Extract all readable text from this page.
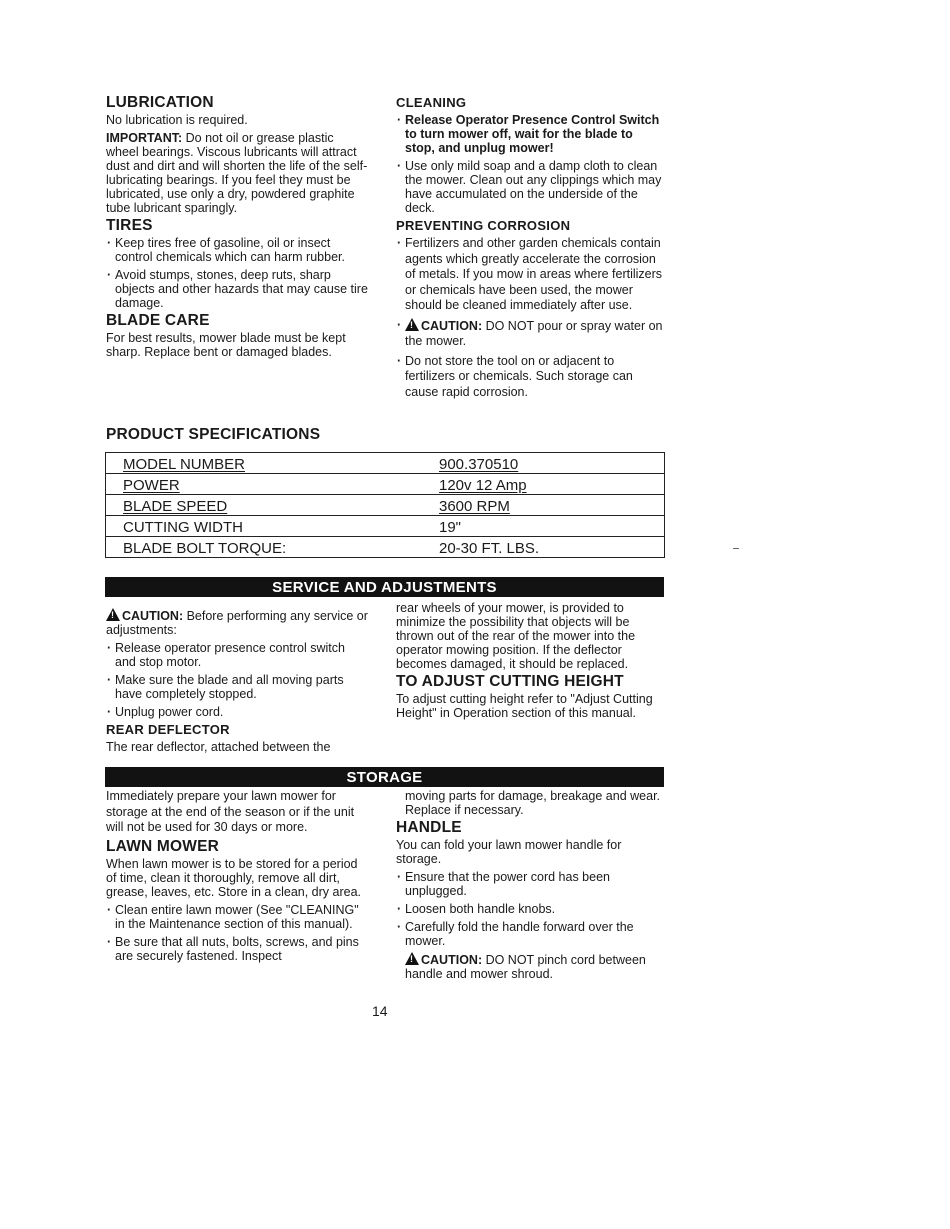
LUBRICATION
No lubrication is required.
IMPORTANT: Do not oil or grease plastic wheel bearings. Viscous lubricants will attract dust and dirt and will shorten the life of the self-lubricating bearings. If you feel they must be lubricated, use only a dry, powdered graphite tube lubricant sparingly.
TIRES
· Keep tires free of gasoline, oil or insect control chemicals which can harm rubber.
· Avoid stumps, stones, deep ruts, sharp objects and other hazards that may cause tire damage.
BLADE CARE
For best results, mower blade must be kept sharp. Replace bent or damaged blades.
CLEANING
· Release Operator Presence Control Switch to turn mower off, wait for the blade to stop, and unplug mower!
· Use only mild soap and a damp cloth to clean the mower. Clean out any clippings which may have accumulated on the underside of the deck.
PREVENTING CORROSION
· Fertilizers and other garden chemicals contain agents which greatly accelerate the corrosion of metals. If you mow in areas where fertilizers or chemicals have been used, the mower should be cleaned immediately after use.
!· CAUTION: DO NOT pour or spray water on the mower.
· Do not store the tool on or adjacent to fertilizers or chemicals. Such storage can cause rapid corrosion.
PRODUCT SPECIFICATIONS
MODEL NUMBER	900.370510
POWER	120v 12 Amp
BLADE SPEED	3600 RPM
CUTTING WIDTH	19"
BLADE BOLT TORQUE:	20-30 FT. LBS.
SERVICE AND ADJUSTMENTS
!CAUTION: Before performing any service or adjustments:
· Release operator presence control switch and stop motor.
· Make sure the blade and all moving parts have completely stopped.
· Unplug power cord.
REAR DEFLECTOR
The rear deflector, attached between the
rear wheels of your mower, is provided to minimize the possibility that objects will be thrown out of the rear of the mower into the operator mowing position. If the deflector becomes damaged, it should be replaced.
TO ADJUST CUTTING HEIGHT
To adjust cutting height refer to "Adjust Cutting Height" in Operation section of this manual.
STORAGE
Immediately prepare your lawn mower for storage at the end of the season or if the unit will not be used for 30 days or more.
LAWN MOWER
When lawn mower is to be stored for a period of time, clean it thoroughly, remove all dirt, grease, leaves, etc. Store in a clean, dry area.
· Clean entire lawn mower (See "CLEANING" in the Maintenance section of this manual).
· Be sure that all nuts, bolts, screws, and pins are securely fastened. Inspect
moving parts for damage, breakage and wear. Replace if necessary.
HANDLE
You can fold your lawn mower handle for storage.
· Ensure that the power cord has been unplugged.
· Loosen both handle knobs.
· Carefully fold the handle forward over the mower.
!CAUTION: DO NOT pinch cord between handle and mower shroud.
14
